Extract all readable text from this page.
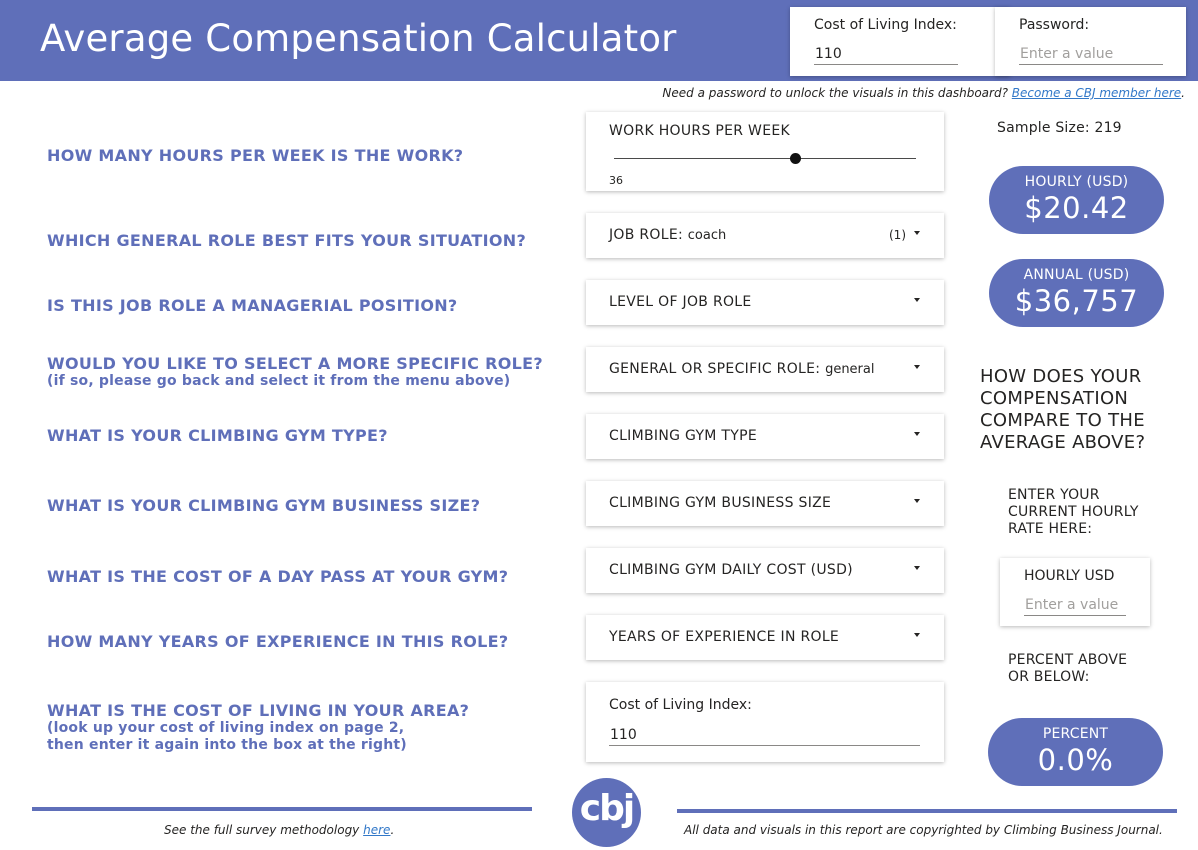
Average Compensation Calculator	Cost of Living Index:
110	Password:
Need a password to unlock the visuals in this dashboard? Become a CBJ member here.
HOW MANY HOURS PER WEEK IS THE WORK?
WHICH GENERAL ROLE BEST FITS YOUR SITUATION?
IS THIS JOB ROLE A MANAGERIAL POSITION?
WOULD YOU LIKE TO SELECT A MORE SPECIFIC ROLE?
(if so, please go back and select it from the menu above)
WHAT IS YOUR CLIMBING GYM TYPE?
WHAT IS YOUR CLIMBING GYM BUSINESS SIZE?
WHAT IS THE COST OF A DAY PASS AT YOUR GYM?
HOW MANY YEARS OF EXPERIENCE IN THIS ROLE?
WHAT IS THE COST OF LIVING IN YOUR AREA?
(look up your cost of living index on page 2,
then enter it again into the box at the right)
WORK HOURS PER WEEK
36
JOB ROLE: coach	(1)
LEVEL OF JOB ROLE
GENERAL OR SPECIFIC ROLE: general
CLIMBING GYM TYPE
CLIMBING GYM BUSINESS SIZE
CLIMBING GYM DAILY COST (USD)
YEARS OF EXPERIENCE IN ROLE
Cost of Living Index:
110
Sample Size: 219
HOURLY (USD)
$20.42
ANNUAL (USD)
$36,757
HOW DOES YOUR COMPENSATION COMPARE TO THE AVERAGE ABOVE?
ENTER YOUR CURRENT HOURLY RATE HERE:
HOURLY USD
Enter a value
PERCENT ABOVE OR BELOW:
PERCENT
0.0%
cbj
See the full survey methodology here.	All data and visuals in this report are copyrighted by Climbing Business Journal.
